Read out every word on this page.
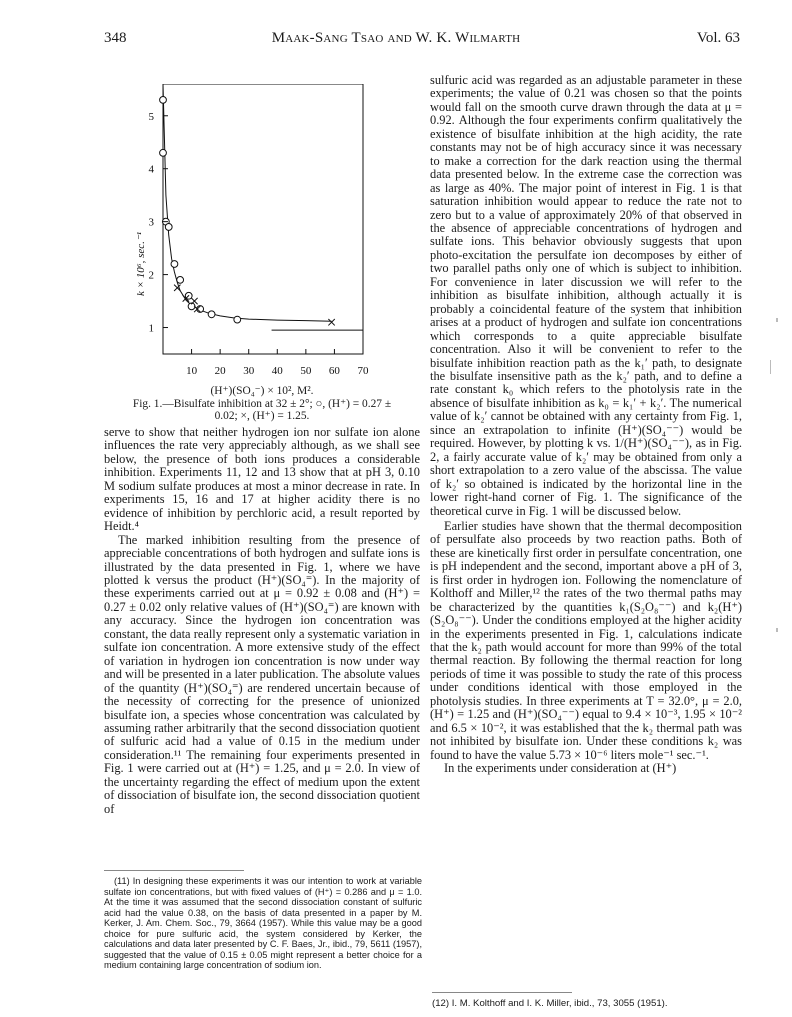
348	Maak-Sang Tsao and W. K. Wilmarth	Vol. 63
1
2
3
4
5
10 20 30 40 50 60 70
k × 10⁶, sec.⁻¹
(H⁺)(SO₄⁻) × 10², M².
Fig. 1.—Bisulfate inhibition at 32 ± 2°; ○, (H⁺) = 0.27 ±
0.02; ×, (H⁺) = 1.25.

serve to show that neither hydrogen ion nor sulfate ion alone influences the rate very appreciably although, as we shall see below, the presence of both ions produces a considerable inhibition. Experiments 11, 12 and 13 show that at pH 3, 0.10 M sodium sulfate produces at most a minor decrease in rate. In experiments 15, 16 and 17 at higher acidity there is no evidence of inhibition by perchloric acid, a result reported by Heidt.⁴

The marked inhibition resulting from the presence of appreciable concentrations of both hydrogen and sulfate ions is illustrated by the data presented in Fig. 1, where we have plotted k versus the product (H⁺)(SO₄⁼). In the majority of these experiments carried out at μ = 0.92 ± 0.08 and (H⁺) = 0.27 ± 0.02 only relative values of (H⁺)(SO₄⁼) are known with any accuracy. Since the hydrogen ion concentration was constant, the data really represent only a systematic variation in sulfate ion concentration. A more extensive study of the effect of variation in hydrogen ion concentration is now under way and will be presented in a later publication. The absolute values of the quantity (H⁺)(SO₄⁼) are rendered uncertain because of the necessity of correcting for the presence of unionized bisulfate ion, a species whose concentration was calculated by assuming rather arbitrarily that the second dissociation quotient of sulfuric acid had a value of 0.15 in the medium under consideration.¹¹ The remaining four experiments presented in Fig. 1 were carried out at (H⁺) = 1.25, and μ = 2.0. In view of the uncertainty regarding the effect of medium upon the extent of dissociation of bisulfate ion, the second dissociation quotient of

sulfuric acid was regarded as an adjustable parameter in these experiments; the value of 0.21 was chosen so that the points would fall on the smooth curve drawn through the data at μ = 0.92. Although the four experiments confirm qualitatively the existence of bisulfate inhibition at the high acidity, the rate constants may not be of high accuracy since it was necessary to make a correction for the dark reaction using the thermal data presented below. In the extreme case the correction was as large as 40%. The major point of interest in Fig. 1 is that saturation inhibition would appear to reduce the rate not to zero but to a value of approximately 20% of that observed in the absence of appreciable concentrations of hydrogen and sulfate ions. This behavior obviously suggests that upon photo-excitation the persulfate ion decomposes by either of two parallel paths only one of which is subject to inhibition. For convenience in later discussion we will refer to the inhibition as bisulfate inhibition, although actually it is probably a coincidental feature of the system that inhibition arises at a product of hydrogen and sulfate ion concentrations which corresponds to a quite appreciable bisulfate concentration. Also it will be convenient to refer to the bisulfate inhibition reaction path as the k₁′ path, to designate the bisulfate insensitive path as the k₂′ path, and to define a rate constant k₀ which refers to the photolysis rate in the absence of bisulfate inhibition as k₀ = k₁′ + k₂′. The numerical value of k₂′ cannot be obtained with any certainty from Fig. 1, since an extrapolation to infinite (H⁺)(SO₄⁻⁻) would be required. However, by plotting k vs. 1/(H⁺)(SO₄⁻⁻), as in Fig. 2, a fairly accurate value of k₂′ may be obtained from only a short extrapolation to a zero value of the abscissa. The value of k₂′ so obtained is indicated by the horizontal line in the lower right-hand corner of Fig. 1. The significance of the theoretical curve in Fig. 1 will be discussed below.

Earlier studies have shown that the thermal decomposition of persulfate also proceeds by two reaction paths. Both of these are kinetically first order in persulfate concentration, one is pH independent and the second, important above a pH of 3, is first order in hydrogen ion. Following the nomenclature of Kolthoff and Miller,¹² the rates of the two thermal paths may be characterized by the quantities k₁(S₂O₈⁻⁻) and k₂(H⁺)(S₂O₈⁻⁻). Under the conditions employed at the higher acidity in the experiments presented in Fig. 1, calculations indicate that the k₂ path would account for more than 99% of the total thermal reaction. By following the thermal reaction for long periods of time it was possible to study the rate of this process under conditions identical with those employed in the photolysis studies. In three experiments at T = 32.0°, μ = 2.0, (H⁺) = 1.25 and (H⁺)(SO₄⁻⁻) equal to 9.4 × 10⁻³, 1.95 × 10⁻² and 6.5 × 10⁻², it was established that the k₂ thermal path was not inhibited by bisulfate ion. Under these conditions k₂ was found to have the value 5.73 × 10⁻⁶ liters mole⁻¹ sec.⁻¹.

In the experiments under consideration at (H⁺)

(11) In designing these experiments it was our intention to work at variable sulfate ion concentrations, but with fixed values of (H⁺) = 0.286 and μ = 1.0. At the time it was assumed that the second dissociation constant of sulfuric acid had the value 0.38, on the basis of data presented in a paper by M. Kerker, J. Am. Chem. Soc., 79, 3664 (1957). While this value may be a good choice for pure sulfuric acid, the system considered by Kerker, the calculations and data later presented by C. F. Baes, Jr., ibid., 79, 5611 (1957), suggested that the value of 0.15 ± 0.05 might represent a better choice for a medium containing large concentration of sodium ion.

(12) I. M. Kolthoff and I. K. Miller, ibid., 73, 3055 (1951).
